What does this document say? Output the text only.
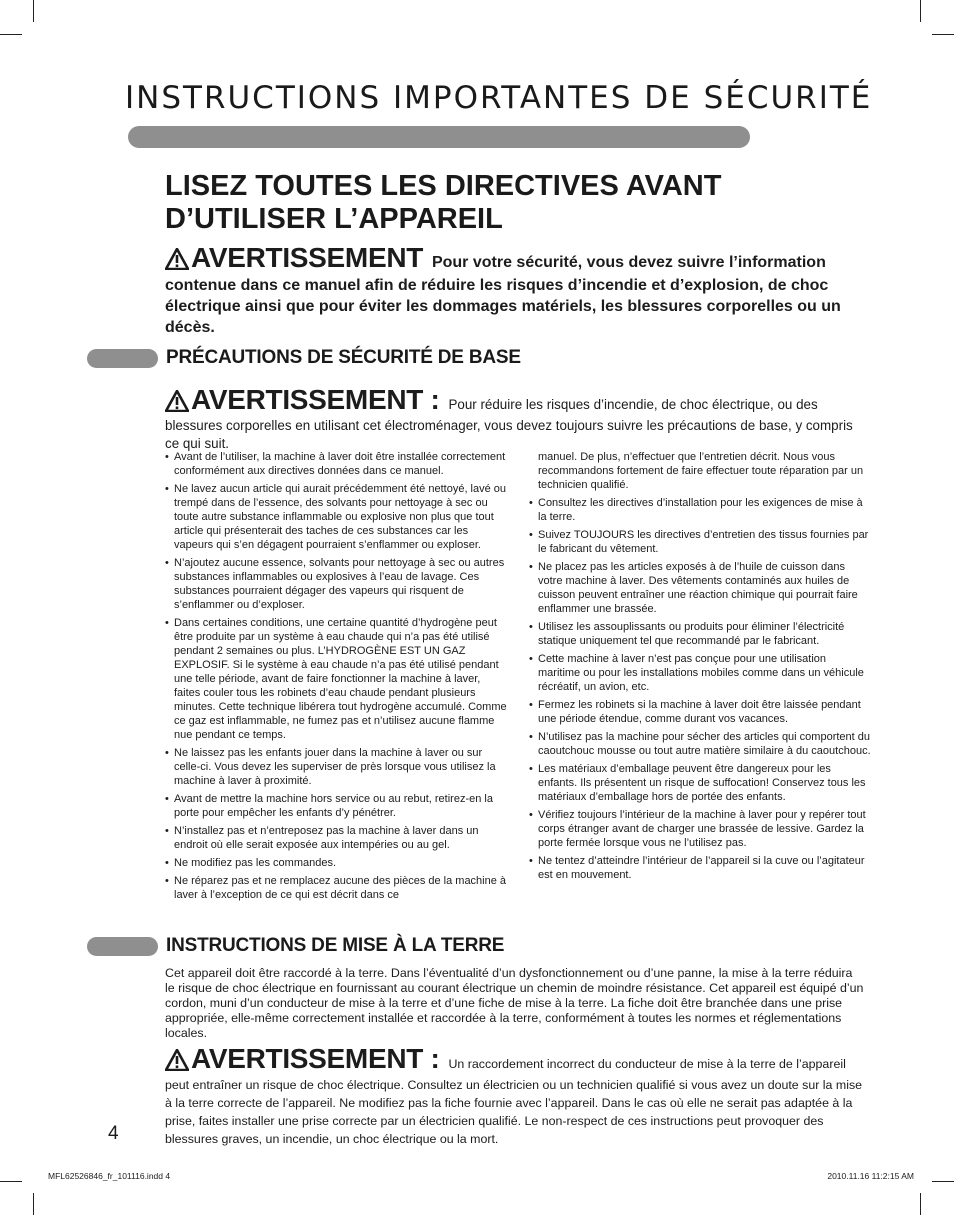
INSTRUCTIONS IMPORTANTES DE SÉCURITÉ
LISEZ TOUTES LES DIRECTIVES AVANT D’UTILISER L’APPAREIL
AVERTISSEMENT Pour votre sécurité, vous devez suivre l’information contenue dans ce manuel afin de réduire les risques d’incendie et d’explosion, de choc électrique ainsi que pour éviter les dommages matériels, les blessures corporelles ou un décès.
PRÉCAUTIONS DE SÉCURITÉ DE BASE
AVERTISSEMENT : Pour réduire les risques d’incendie, de choc électrique, ou des blessures corporelles en utilisant cet électroménager, vous devez toujours suivre les précautions de base, y compris ce qui suit.
• Avant de l’utiliser, la machine à laver doit être installée correctement conformément aux directives données dans ce manuel.
• Ne lavez aucun article qui aurait précédemment été nettoyé, lavé ou trempé dans de l’essence, des solvants pour nettoyage à sec ou toute autre substance inflammable ou explosive non plus que tout article qui présenterait des taches de ces substances car les vapeurs qui s’en dégagent pourraient s’enflammer ou exploser.
• N’ajoutez aucune essence, solvants pour nettoyage à sec ou autres substances inflammables ou explosives à l’eau de lavage. Ces substances pourraient dégager des vapeurs qui risquent de s’enflammer ou d’exploser.
• Dans certaines conditions, une certaine quantité d’hydrogène peut être produite par un système à eau chaude qui n’a pas été utilisé pendant 2 semaines ou plus. L’HYDROGÈNE EST UN GAZ EXPLOSIF. Si le système à eau chaude n’a pas été utilisé pendant une telle période, avant de faire fonctionner la machine à laver, faites couler tous les robinets d’eau chaude pendant plusieurs minutes. Cette technique libérera tout hydrogène accumulé. Comme ce gaz est inflammable, ne fumez pas et n’utilisez aucune flamme nue pendant ce temps.
• Ne laissez pas les enfants jouer dans la machine à laver ou sur celle-ci. Vous devez les superviser de près lorsque vous utilisez la machine à laver à proximité.
• Avant de mettre la machine hors service ou au rebut, retirez-en la porte pour empêcher les enfants d’y pénétrer.
• N’installez pas et n’entreposez pas la machine à laver dans un endroit où elle serait exposée aux intempéries ou au gel.
• Ne modifiez pas les commandes.
• Ne réparez pas et ne remplacez aucune des pièces de la machine à laver à l’exception de ce qui est décrit dans ce
manuel. De plus, n’effectuer que l’entretien décrit. Nous vous recommandons fortement de faire effectuer toute réparation par un technicien qualifié.
• Consultez les directives d’installation pour les exigences de mise à la terre.
• Suivez TOUJOURS les directives d’entretien des tissus fournies par le fabricant du vêtement.
• Ne placez pas les articles exposés à de l’huile de cuisson dans votre machine à laver. Des vêtements contaminés aux huiles de cuisson peuvent entraîner une réaction chimique qui pourrait faire enflammer une brassée.
• Utilisez les assouplissants ou produits pour éliminer l’électricité statique uniquement tel que recommandé par le fabricant.
• Cette machine à laver n’est pas conçue pour une utilisation maritime ou pour les installations mobiles comme dans un véhicule récréatif, un avion, etc.
• Fermez les robinets si la machine à laver doit être laissée pendant une période étendue, comme durant vos vacances.
• N’utilisez pas la machine pour sécher des articles qui comportent du caoutchouc mousse ou tout autre matière similaire à du caoutchouc.
• Les matériaux d’emballage peuvent être dangereux pour les enfants. Ils présentent un risque de suffocation! Conservez tous les matériaux d’emballage hors de portée des enfants.
• Vérifiez toujours l’intérieur de la machine à laver pour y repérer tout corps étranger avant de charger une brassée de lessive. Gardez la porte fermée lorsque vous ne l’utilisez pas.
• Ne tentez d’atteindre l’intérieur de l’appareil si la cuve ou l’agitateur est en mouvement.
INSTRUCTIONS DE MISE À LA TERRE
Cet appareil doit être raccordé à la terre. Dans l’éventualité d’un dysfonctionnement ou d’une panne, la mise à la terre réduira le risque de choc électrique en fournissant au courant électrique un chemin de moindre résistance. Cet appareil est équipé d’un cordon, muni d’un conducteur de mise à la terre et d’une fiche de mise à la terre. La fiche doit être branchée dans une prise appropriée, elle-même correctement installée et raccordée à la terre, conformément à toutes les normes et réglementations locales.
AVERTISSEMENT : Un raccordement incorrect du conducteur de mise à la terre de l’appareil peut entraîner un risque de choc électrique. Consultez un électricien ou un technicien qualifié si vous avez un doute sur la mise à la terre correcte de l’appareil. Ne modifiez pas la fiche fournie avec l’appareil. Dans le cas où elle ne serait pas adaptée à la prise, faites installer une prise correcte par un électricien qualifié. Le non-respect de ces instructions peut provoquer des blessures graves, un incendie, un choc électrique ou la mort.
4
MFL62526846_fr_101116.indd 4	2010.11.16 11:2:15 AM
